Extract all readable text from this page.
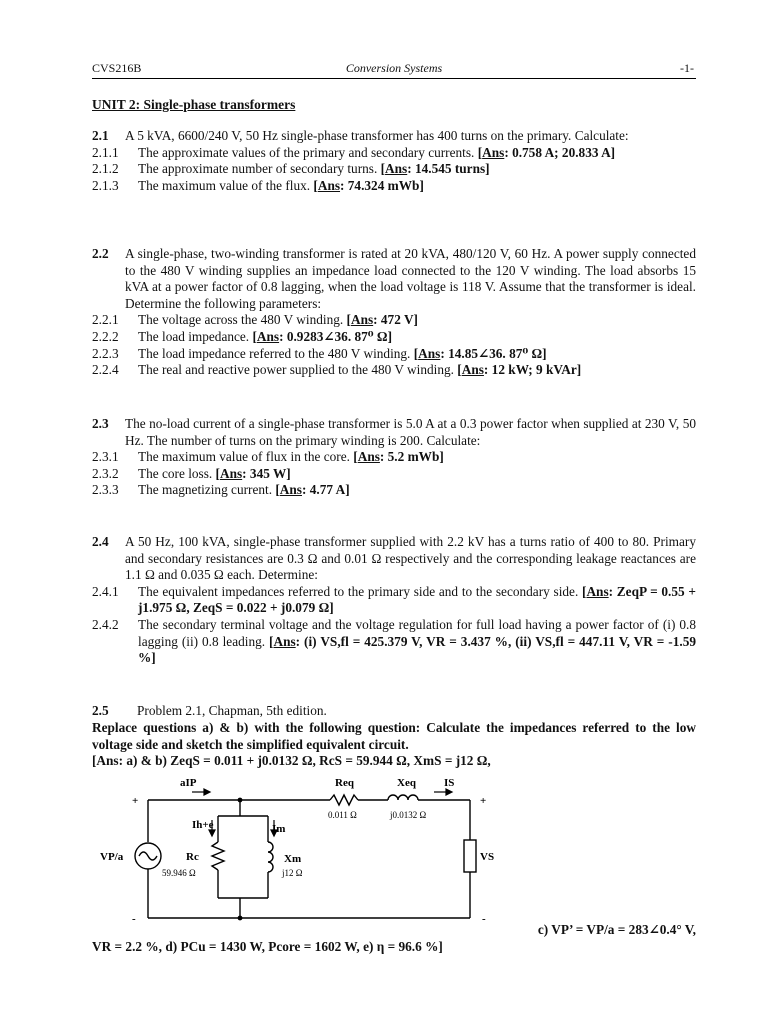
CVS216B	Conversion Systems	-1-
UNIT 2: Single-phase transformers
2.1 A 5 kVA, 6600/240 V, 50 Hz single-phase transformer has 400 turns on the primary. Calculate:
2.1.1 The approximate values of the primary and secondary currents. [Ans: 0.758 A; 20.833 A]
2.1.2 The approximate number of secondary turns. [Ans: 14.545 turns]
2.1.3 The maximum value of the flux. [Ans: 74.324 mWb]
2.2 A single-phase, two-winding transformer is rated at 20 kVA, 480/120 V, 60 Hz. A power supply connected to the 480 V winding supplies an impedance load connected to the 120 V winding. The load absorbs 15 kVA at a power factor of 0.8 lagging, when the load voltage is 118 V. Assume that the transformer is ideal. Determine the following parameters:
2.2.1 The voltage across the 480 V winding. [Ans: 472 V]
2.2.2 The load impedance. [Ans: 0.9283∠36. 87⁰ Ω]
2.2.3 The load impedance referred to the 480 V winding. [Ans: 14.85∠36. 87⁰ Ω]
2.2.4 The real and reactive power supplied to the 480 V winding. [Ans: 12 kW; 9 kVAr]
2.3 The no-load current of a single-phase transformer is 5.0 A at a 0.3 power factor when supplied at 230 V, 50 Hz. The number of turns on the primary winding is 200. Calculate:
2.3.1 The maximum value of flux in the core. [Ans: 5.2 mWb]
2.3.2 The core loss. [Ans: 345 W]
2.3.3 The magnetizing current. [Ans: 4.77 A]
2.4 A 50 Hz, 100 kVA, single-phase transformer supplied with 2.2 kV has a turns ratio of 400 to 80. Primary and secondary resistances are 0.3 Ω and 0.01 Ω respectively and the corresponding leakage reactances are 1.1 Ω and 0.035 Ω each. Determine:
2.4.1 The equivalent impedances referred to the primary side and to the secondary side. [Ans: ZeqP = 0.55 + j1.975 Ω, ZeqS = 0.022 + j0.079 Ω]
2.4.2 The secondary terminal voltage and the voltage regulation for full load having a power factor of (i) 0.8 lagging (ii) 0.8 leading. [Ans: (i) VS,fl = 425.379 V, VR = 3.437 %, (ii) VS,fl = 447.11 V, VR = -1.59 %]
2.5 Problem 2.1, Chapman, 5th edition.
Replace questions a) & b) with the following question: Calculate the impedances referred to the low voltage side and sketch the simplified equivalent circuit.
[Ans: a) & b) ZeqS = 0.011 + j0.0132 Ω, RcS = 59.944 Ω, XmS = j12 Ω,
+
-
+
-
VP/a
aIP	Req
0.011 Ω
Xeq
j0.0132 Ω
IS
Ih+e	Im
Rc
59.946 Ω
Xm
j12 Ω
VS
c) VP’ = VP/a = 283∠0.4° V,
VR = 2.2 %, d) PCu = 1430 W, Pcore = 1602 W, e) η = 96.6 %]
